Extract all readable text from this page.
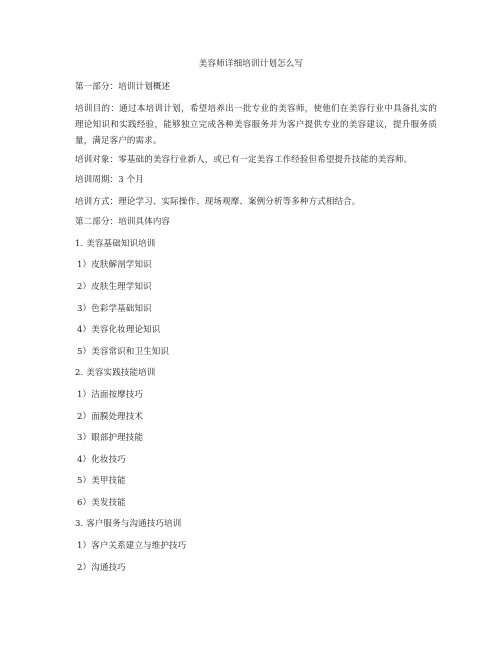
美容师详细培训计划怎么写
第一部分：培训计划概述
培训目的：通过本培训计划，希望培养出一批专业的美容师，使他们在美容行业中具备扎实的理论知识和实践经验，能够独立完成各种美容服务并为客户提供专业的美容建议，提升服务质量，满足客户的需求。
培训对象：零基础的美容行业新人，或已有一定美容工作经验但希望提升技能的美容师。
培训周期：3 个月
培训方式：理论学习、实际操作、现场观摩、案例分析等多种方式相结合。
第二部分：培训具体内容
1. 美容基础知识培训
1）皮肤解剖学知识
2）皮肤生理学知识
3）色彩学基础知识
4）美容化妆理论知识
5）美容常识和卫生知识
2. 美容实践技能培训
1）洁面按摩技巧
2）面膜处理技术
3）眼部护理技能
4）化妆技巧
5）美甲技能
6）美发技能
3. 客户服务与沟通技巧培训
1）客户关系建立与维护技巧
2）沟通技巧
